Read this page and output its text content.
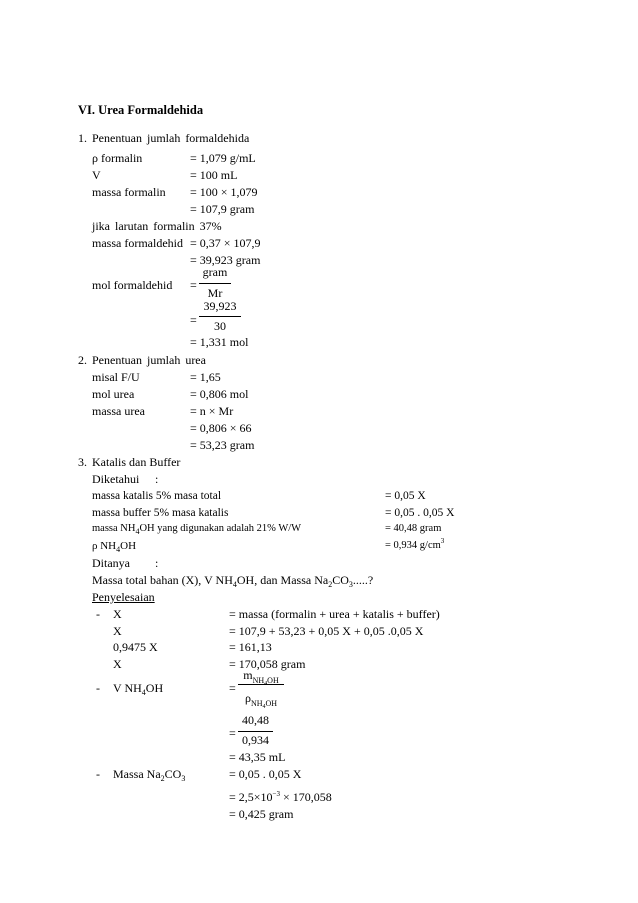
VI. Urea Formaldehida
1. Penentuan jumlah formaldehida
ρ formalin	= 1,079 g/mL
V	= 100 mL
massa formalin = 100 × 1,079
= 107,9 gram
jika larutan formalin 37%
massa formaldehid = 0,37 × 107,9
= 39,923 gram
mol formaldehid =
gram
Mr
=
39,923
30
= 1,331 mol
2. Penentuan jumlah urea
misal F/U	= 1,65
mol urea	= 0,806 mol
massa urea	= n × Mr
= 0,806 × 66
= 53,23 gram
3. Katalis dan Buffer
Diketahui :
massa katalis 5% masa total	= 0,05 X
massa buffer 5% masa katalis	= 0,05 . 0,05 X
massa $NH_4OH$ yang digunakan adalah 21% W/W	= 40,48 gram
ρ $NH_4OH$	= 0,934 $g/cm^3$
Ditanya :
Massa total bahan (X), V $NH_4OH$, dan Massa $Na_2CO_3$.....?
Penyelesaian
- X	= massa (formalin + urea + katalis + buffer)
X	= 107,9 + 53,23 + 0,05 X + 0,05 .0,05 X
0,9475 X	= 161,13
X	= 170,058 gram
- V $NH_4OH$	=
$m_{NH_4OH}$
$\rho_{NH_4OH}$
=
40,48
0,934
= 43,35 mL
- Massa $Na_2CO_3$	= 0,05 . 0,05 X
= $2,5\times 10^{-3} \times 170,058$
= 0,425 gram
